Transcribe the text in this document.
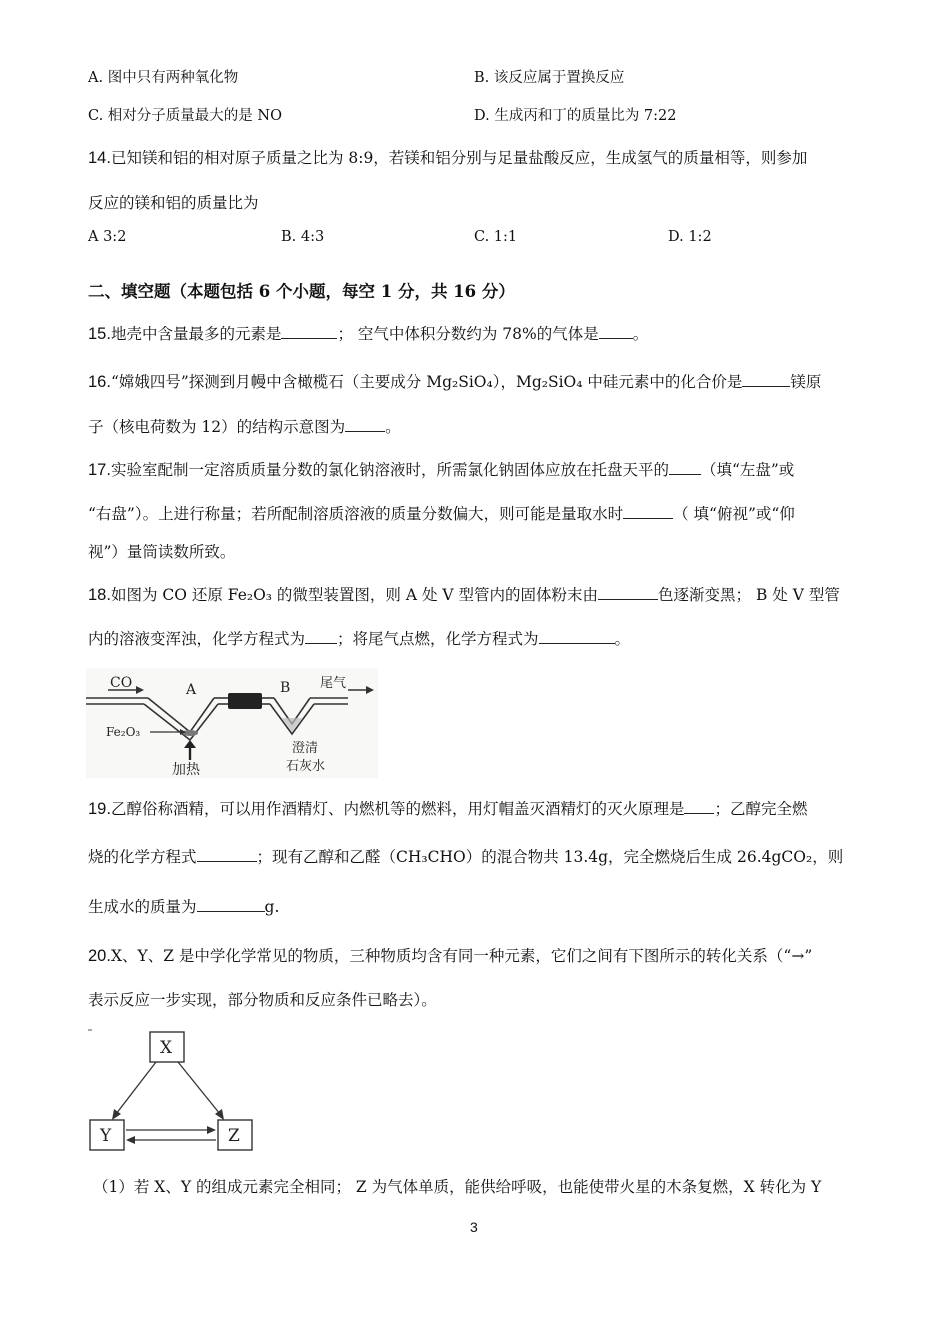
A. 图中只有两种氧化物	B. 该反应属于置换反应
C. 相对分子质量最大的是 NO	D. 生成丙和丁的质量比为 7:22
14.已知镁和铝的相对原子质量之比为 8:9，若镁和铝分别与足量盐酸反应，生成氢气的质量相等，则参加
反应的镁和铝的质量比为
A 3:2	B. 4:3	C. 1:1	D. 1:2
二、填空题（本题包括 6 个小题，每空 1 分，共 16 分）
15.地壳中含量最多的元素是	； 空气中体积分数约为 78%的气体是 。
16.“嫦娥四号”探测到月幔中含橄榄石（主要成分 Mg₂SiO₄），Mg₂SiO₄ 中硅元素中的化合价是	镁原
子（核电荷数为 12）的结构示意图为	。
17.实验室配制一定溶质质量分数的氯化钠溶液时，所需氯化钠固体应放在托盘天平的 （填“左盘”或
“右盘”）。上进行称量；若所配制溶质溶液的质量分数偏大，则可能是量取水时	（ 填“俯视”或“仰
视”）量筒读数所致。
18.如图为 CO 还原 Fe₂O₃ 的微型装置图，则 A 处 V 型管内的固体粉末由	色逐渐变黑； B 处 V 型管
内的溶液变浑浊，化学方程式为 ；将尾气点燃，化学方程式为	。
CO	A	B 尾气
Fe₂O₃
加热
澄清
石灰水
19.乙醇俗称酒精，可以用作酒精灯、内燃机等的燃料，用灯帽盖灭酒精灯的灭火原理是 ；乙醇完全燃
烧的化学方程式	；现有乙醇和乙醛（CH₃CHO）的混合物共 13.4g，完全燃烧后生成 26.4gCO₂，则
生成水的质量为	g.
20.X、Y、Z 是中学化学常见的物质，三种物质均含有同一种元素，它们之间有下图所示的转化关系（“→”
表示反应一步实现，部分物质和反应条件已略去）。
X
Y	Z
（1）若 X、Y 的组成元素完全相同； Z 为气体单质，能供给呼吸，也能使带火星的木条复燃，X 转化为 Y
3
